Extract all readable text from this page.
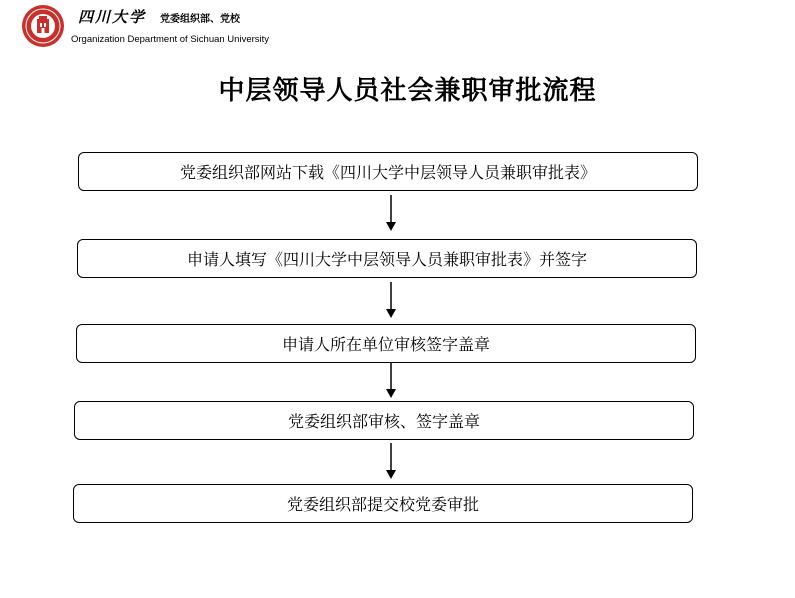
四川大学 党委组织部、党校
Organization Department of Sichuan University
中层领导人员社会兼职审批流程
党委组织部网站下载《四川大学中层领导人员兼职审批表》
申请人填写《四川大学中层领导人员兼职审批表》并签字
申请人所在单位审核签字盖章
党委组织部审核、签字盖章
党委组织部提交校党委审批
